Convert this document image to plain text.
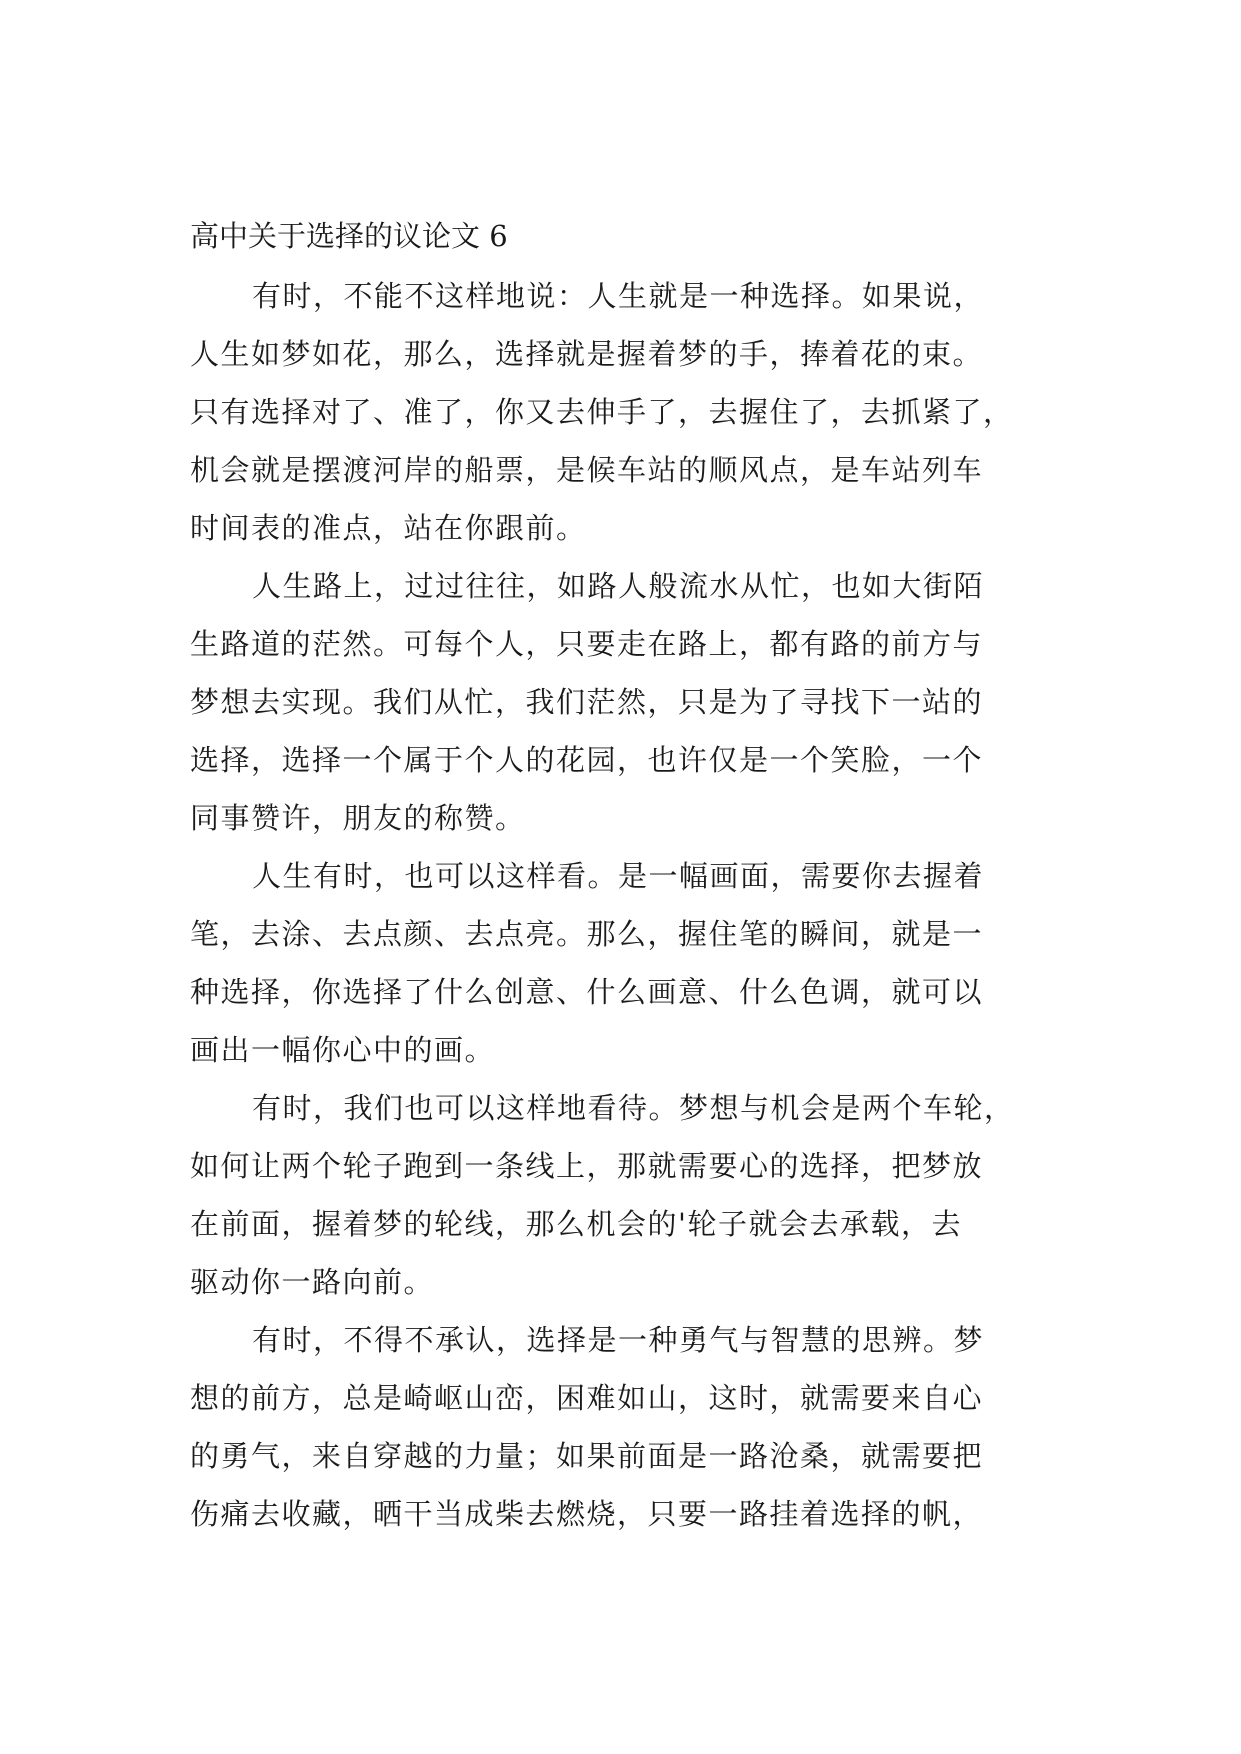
高中关于选择的议论文 6
有时，不能不这样地说：人生就是一种选择。如果说，
人生如梦如花，那么，选择就是握着梦的手，捧着花的束。
只有选择对了、准了，你又去伸手了，去握住了，去抓紧了，
机会就是摆渡河岸的船票，是候车站的顺风点，是车站列车
时间表的准点，站在你跟前。
人生路上，过过往往，如路人般流水从忙，也如大街陌
生路道的茫然。可每个人，只要走在路上，都有路的前方与
梦想去实现。我们从忙，我们茫然，只是为了寻找下一站的
选择，选择一个属于个人的花园，也许仅是一个笑脸，一个
同事赞许，朋友的称赞。
人生有时，也可以这样看。是一幅画面，需要你去握着
笔，去涂、去点颜、去点亮。那么，握住笔的瞬间，就是一
种选择，你选择了什么创意、什么画意、什么色调，就可以
画出一幅你心中的画。
有时，我们也可以这样地看待。梦想与机会是两个车轮，
如何让两个轮子跑到一条线上，那就需要心的选择，把梦放
在前面，握着梦的轮线，那么机会的'轮子就会去承载，去
驱动你一路向前。
有时，不得不承认，选择是一种勇气与智慧的思辨。梦
想的前方，总是崎岖山峦，困难如山，这时，就需要来自心
的勇气，来自穿越的力量；如果前面是一路沧桑，就需要把
伤痛去收藏，晒干当成柴去燃烧，只要一路挂着选择的帆，
